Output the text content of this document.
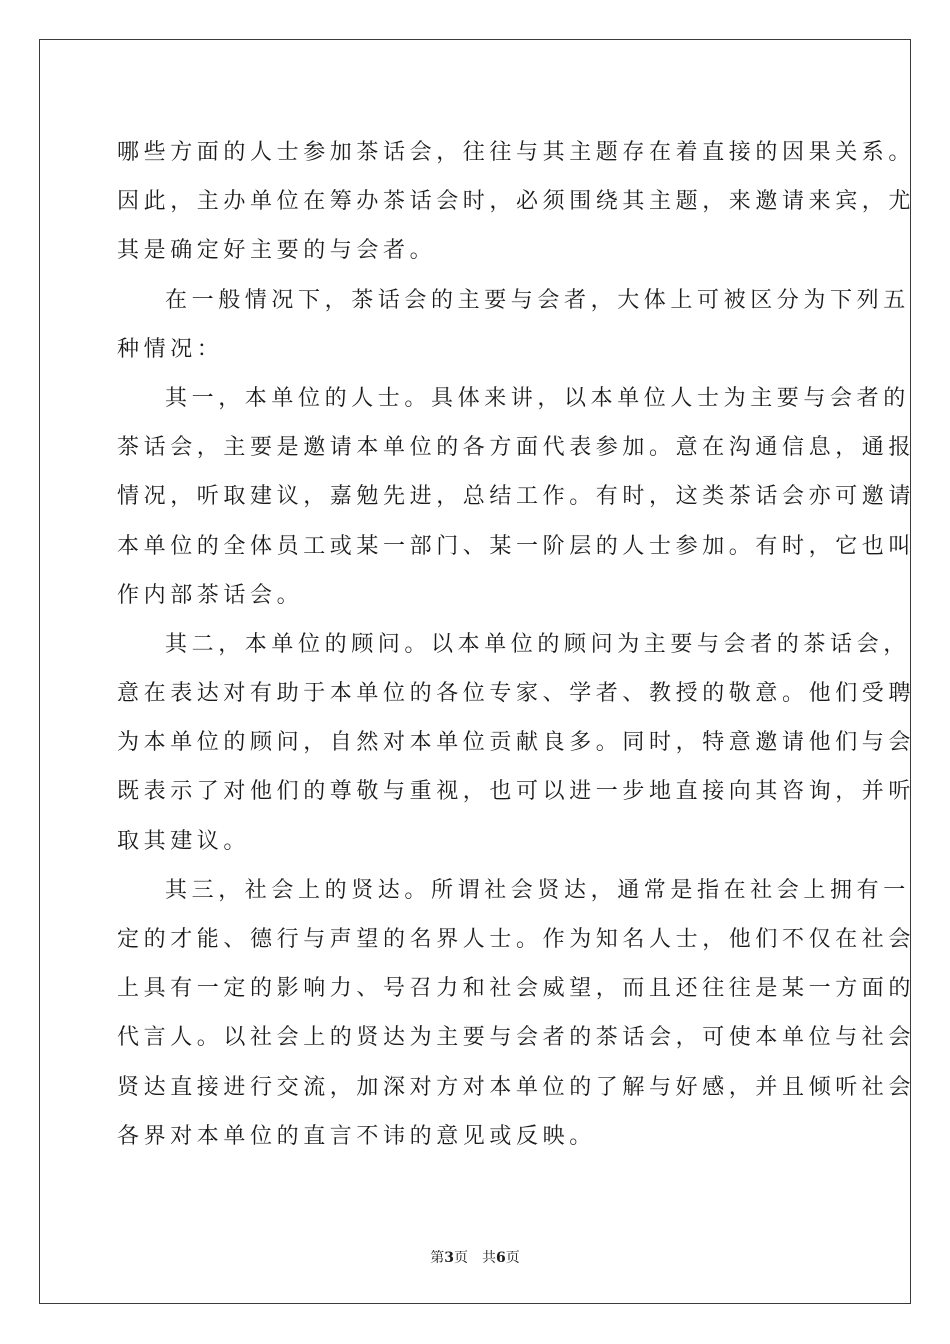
哪些方面的人士参加茶话会，往往与其主题存在着直接的因果关系。
因此，主办单位在筹办茶话会时，必须围绕其主题，来邀请来宾，尤
其是确定好主要的与会者。
在一般情况下，茶话会的主要与会者，大体上可被区分为下列五
种情况：
其一，本单位的人士。具体来讲，以本单位人士为主要与会者的
茶话会，主要是邀请本单位的各方面代表参加。意在沟通信息，通报
情况，听取建议，嘉勉先进，总结工作。有时，这类茶话会亦可邀请
本单位的全体员工或某一部门、某一阶层的人士参加。有时，它也叫
作内部茶话会。
其二，本单位的顾问。以本单位的顾问为主要与会者的茶话会，
意在表达对有助于本单位的各位专家、学者、教授的敬意。他们受聘
为本单位的顾问，自然对本单位贡献良多。同时，特意邀请他们与会
既表示了对他们的尊敬与重视，也可以进一步地直接向其咨询，并听
取其建议。
其三，社会上的贤达。所谓社会贤达，通常是指在社会上拥有一
定的才能、德行与声望的名界人士。作为知名人士，他们不仅在社会
上具有一定的影响力、号召力和社会威望，而且还往往是某一方面的
代言人。以社会上的贤达为主要与会者的茶话会，可使本单位与社会
贤达直接进行交流，加深对方对本单位的了解与好感，并且倾听社会
各界对本单位的直言不讳的意见或反映。
第3页 共6页
